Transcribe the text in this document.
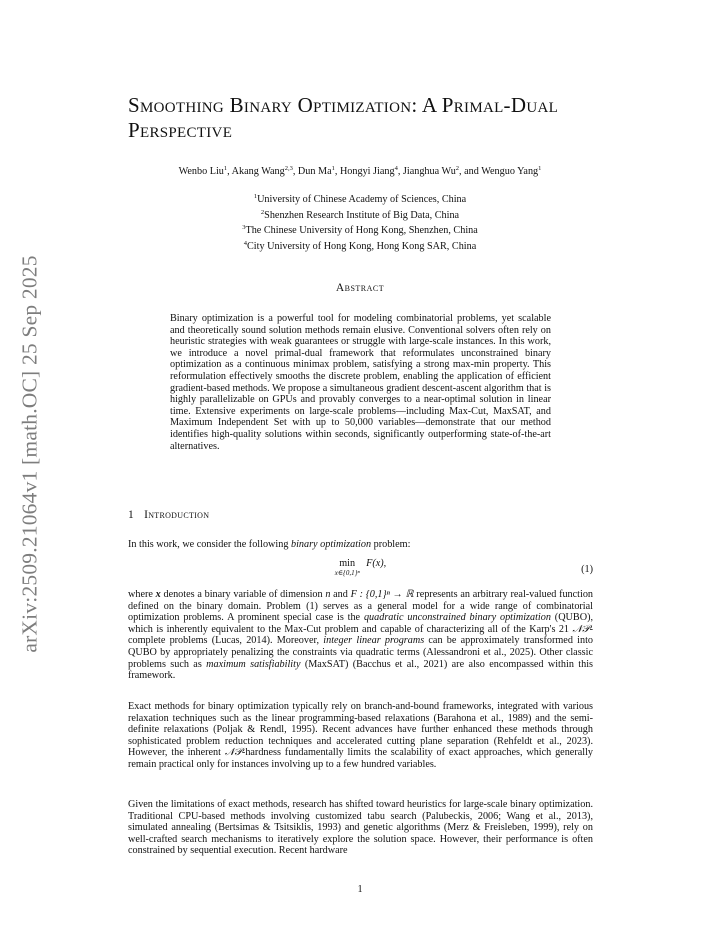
arXiv:2509.21064v1 [math.OC] 25 Sep 2025
Smoothing Binary Optimization: A Primal-Dual Perspective
Wenbo Liu$^1$, Akang Wang$^{2,3}$, Dun Ma$^1$, Hongyi Jiang$^4$, Jianghua Wu$^2$, and Wenguo Yang$^1$
$^1$University of Chinese Academy of Sciences, China
$^2$Shenzhen Research Institute of Big Data, China
$^3$The Chinese University of Hong Kong, Shenzhen, China
$^4$City University of Hong Kong, Hong Kong SAR, China
Abstract
Binary optimization is a powerful tool for modeling combinatorial problems, yet scalable and theoretically sound solution methods remain elusive. Conventional solvers often rely on heuristic strategies with weak guarantees or struggle with large-scale instances. In this work, we introduce a novel primal-dual framework that reformulates unconstrained binary optimization as a continuous minimax problem, satisfying a strong max-min property. This reformulation effectively smooths the discrete problem, enabling the application of efficient gradient-based methods. We propose a simultaneous gradient descent-ascent algorithm that is highly parallelizable on GPUs and provably converges to a near-optimal solution in linear time. Extensive experiments on large-scale problems—including Max-Cut, MaxSAT, and Maximum Independent Set with up to 50,000 variables—demonstrate that our method identifies high-quality solutions within seconds, significantly outperforming state-of-the-art alternatives.
1 Introduction

In this work, we consider the following binary optimization problem:

min
x∈{0,1}ⁿ
F(x),
(1)

where x denotes a binary variable of dimension n and F : {0,1}ⁿ → ℝ represents an arbitrary real-valued function defined on the binary domain. Problem (1) serves as a general model for a wide range of combinatorial optimization problems. A prominent special case is the quadratic unconstrained binary optimization (QUBO), which is inherently equivalent to the Max-Cut problem and capable of characterizing all of the Karp's 21 𝒩𝒫-complete problems (Lucas, 2014). Moreover, integer linear programs can be approximately transformed into QUBO by appropriately penalizing the constraints via quadratic terms (Alessandroni et al., 2025). Other classic problems such as maximum satisfiability (MaxSAT) (Bacchus et al., 2021) are also encompassed within this framework.

Exact methods for binary optimization typically rely on branch-and-bound frameworks, integrated with various relaxation techniques such as the linear programming-based relaxations (Barahona et al., 1989) and the semi-definite relaxations (Poljak & Rendl, 1995). Recent advances have further enhanced these methods through sophisticated problem reduction techniques and accelerated cutting plane separation (Rehfeldt et al., 2023). However, the inherent 𝒩𝒫-hardness fundamentally limits the scalability of exact approaches, which generally remain practical only for instances involving up to a few hundred variables.

Given the limitations of exact methods, research has shifted toward heuristics for large-scale binary optimization. Traditional CPU-based methods involving customized tabu search (Palubeckis, 2006; Wang et al., 2013), simulated annealing (Bertsimas & Tsitsiklis, 1993) and genetic algorithms (Merz & Freisleben, 1999), rely on well-crafted search mechanisms to iteratively explore the solution space. However, their performance is often constrained by sequential execution. Recent hardware

1
